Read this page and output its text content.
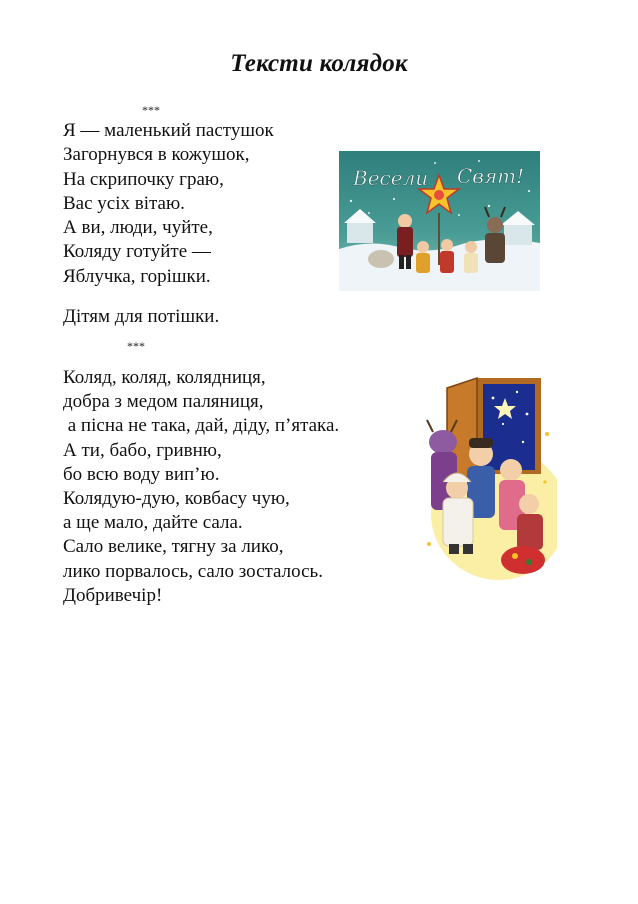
Тексти колядок
***
Я — маленький пастушок
Загорнувся в кожушок,
На скрипочку граю,
Вас усіх вітаю.
А ви, люди, чуйте,
Коляду готуйте —
Яблучка, горішки.
Дітям для потішки.
***
Коляд, коляд, колядниця,
добра з медом паляниця,
а пісна не така, дай, діду, п’ятака.
А ти, бабо, гривню,
бо всю воду вип’ю.
Колядую-дую, ковбасу чую,
а ще мало, дайте сала.
Сало велике, тягну за лико,
лико порвалось, сало зосталось.
Добривечір!
Весели Свят!
